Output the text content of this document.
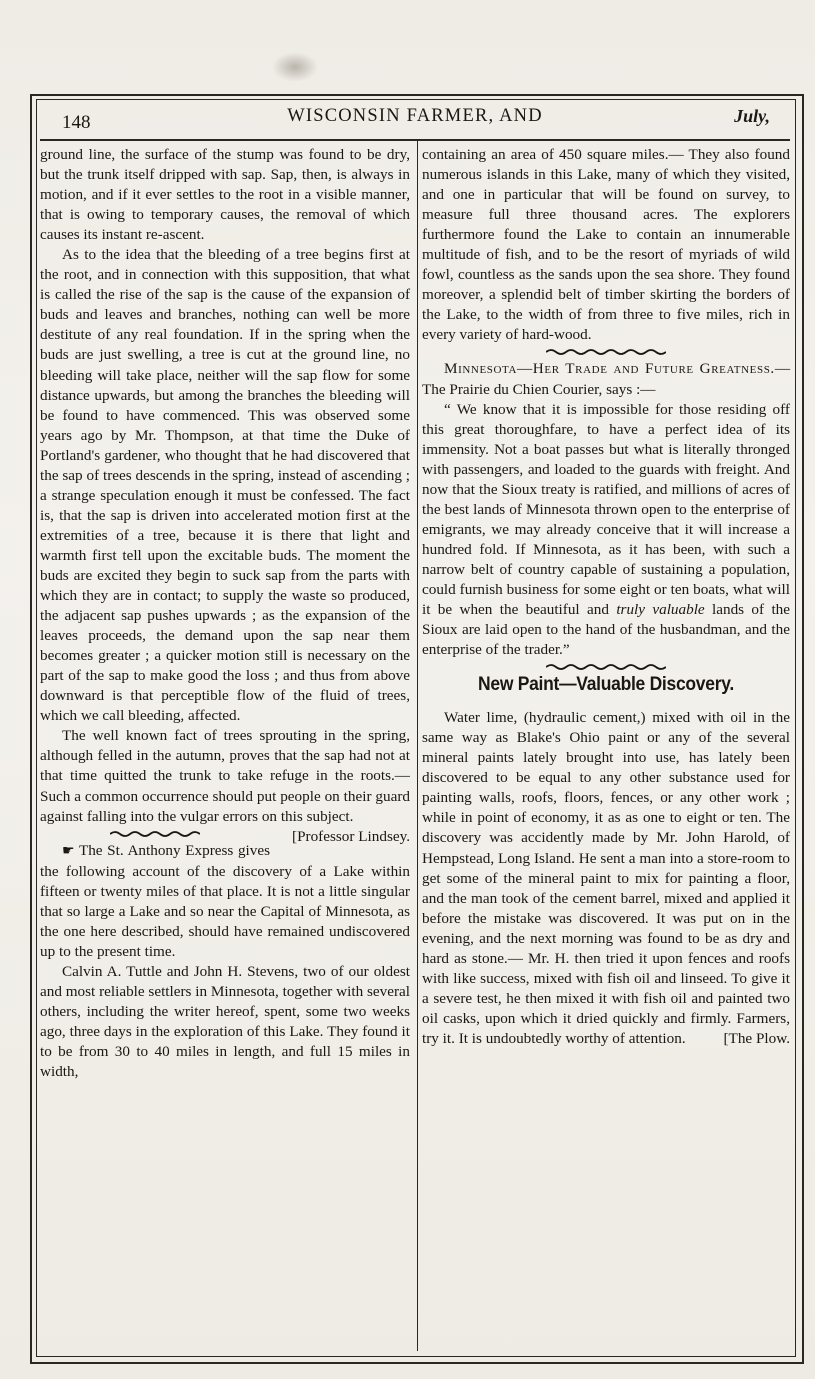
148	WISCONSIN FARMER, AND	July,

ground line, the surface of the stump was found to be dry, but the trunk itself dripped with sap. Sap, then, is always in motion, and if it ever settles to the root in a visible manner, that is owing to temporary causes, the removal of which causes its instant re-ascent.

As to the idea that the bleeding of a tree begins first at the root, and in connection with this supposition, that what is called the rise of the sap is the cause of the expansion of buds and leaves and branches, nothing can well be more destitute of any real foundation. If in the spring when the buds are just swelling, a tree is cut at the ground line, no bleeding will take place, neither will the sap flow for some distance upwards, but among the branches the bleeding will be found to have commenced. This was observed some years ago by Mr. Thompson, at that time the Duke of Portland's gardener, who thought that he had discovered that the sap of trees descends in the spring, instead of ascending ; a strange speculation enough it must be confessed. The fact is, that the sap is driven into accelerated motion first at the extremities of a tree, because it is there that light and warmth first tell upon the excitable buds. The moment the buds are excited they begin to suck sap from the parts with which they are in contact; to supply the waste so produced, the adjacent sap pushes upwards ; as the expansion of the leaves proceeds, the demand upon the sap near them becomes greater ; a quicker motion still is necessary on the part of the sap to make good the loss ; and thus from above downward is that perceptible flow of the fluid of trees, which we call bleeding, affected.

The well known fact of trees sprouting in the spring, although felled in the autumn, proves that the sap had not at that time quitted the trunk to take refuge in the roots.— Such a common occurrence should put people on their guard against falling into the vulgar errors on this subject.
[Professor Lindsey.

☛ The St. Anthony Express gives the following account of the discovery of a Lake within fifteen or twenty miles of that place. It is not a little singular that so large a Lake and so near the Capital of Minnesota, as the one here described, should have remained undiscovered up to the present time.

Calvin A. Tuttle and John H. Stevens, two of our oldest and most reliable settlers in Minnesota, together with several others, including the writer hereof, spent, some two weeks ago, three days in the exploration of this Lake. They found it to be from 30 to 40 miles in length, and full 15 miles in width,

containing an area of 450 square miles.— They also found numerous islands in this Lake, many of which they visited, and one in particular that will be found on survey, to measure full three thousand acres. The explorers furthermore found the Lake to contain an innumerable multitude of fish, and to be the resort of myriads of wild fowl, countless as the sands upon the sea shore. They found moreover, a splendid belt of timber skirting the borders of the Lake, to the width of from three to five miles, rich in every variety of hard-wood.

Minnesota—Her Trade and Future Greatness.—The Prairie du Chien Courier, says :—

“ We know that it is impossible for those residing off this great thoroughfare, to have a perfect idea of its immensity. Not a boat passes but what is literally thronged with passengers, and loaded to the guards with freight. And now that the Sioux treaty is ratified, and millions of acres of the best lands of Minnesota thrown open to the enterprise of emigrants, we may already conceive that it will increase a hundred fold. If Minnesota, as it has been, with such a narrow belt of country capable of sustaining a population, could furnish business for some eight or ten boats, what will it be when the beautiful and truly valuable lands of the Sioux are laid open to the hand of the husbandman, and the enterprise of the trader.”

New Paint—Valuable Discovery.

Water lime, (hydraulic cement,) mixed with oil in the same way as Blake's Ohio paint or any of the several mineral paints lately brought into use, has lately been discovered to be equal to any other substance used for painting walls, roofs, floors, fences, or any other work ; while in point of economy, it as as one to eight or ten. The discovery was accidently made by Mr. John Harold, of Hempstead, Long Island. He sent a man into a store-room to get some of the mineral paint to mix for painting a floor, and the man took of the cement barrel, mixed and applied it before the mistake was discovered. It was put on in the evening, and the next morning was found to be as dry and hard as stone.— Mr. H. then tried it upon fences and roofs with like success, mixed with fish oil and linseed. To give it a severe test, he then mixed it with fish oil and painted two oil casks, upon which it dried quickly and firmly. Farmers, try it. It is undoubtedly worthy of attention.	[The Plow.
